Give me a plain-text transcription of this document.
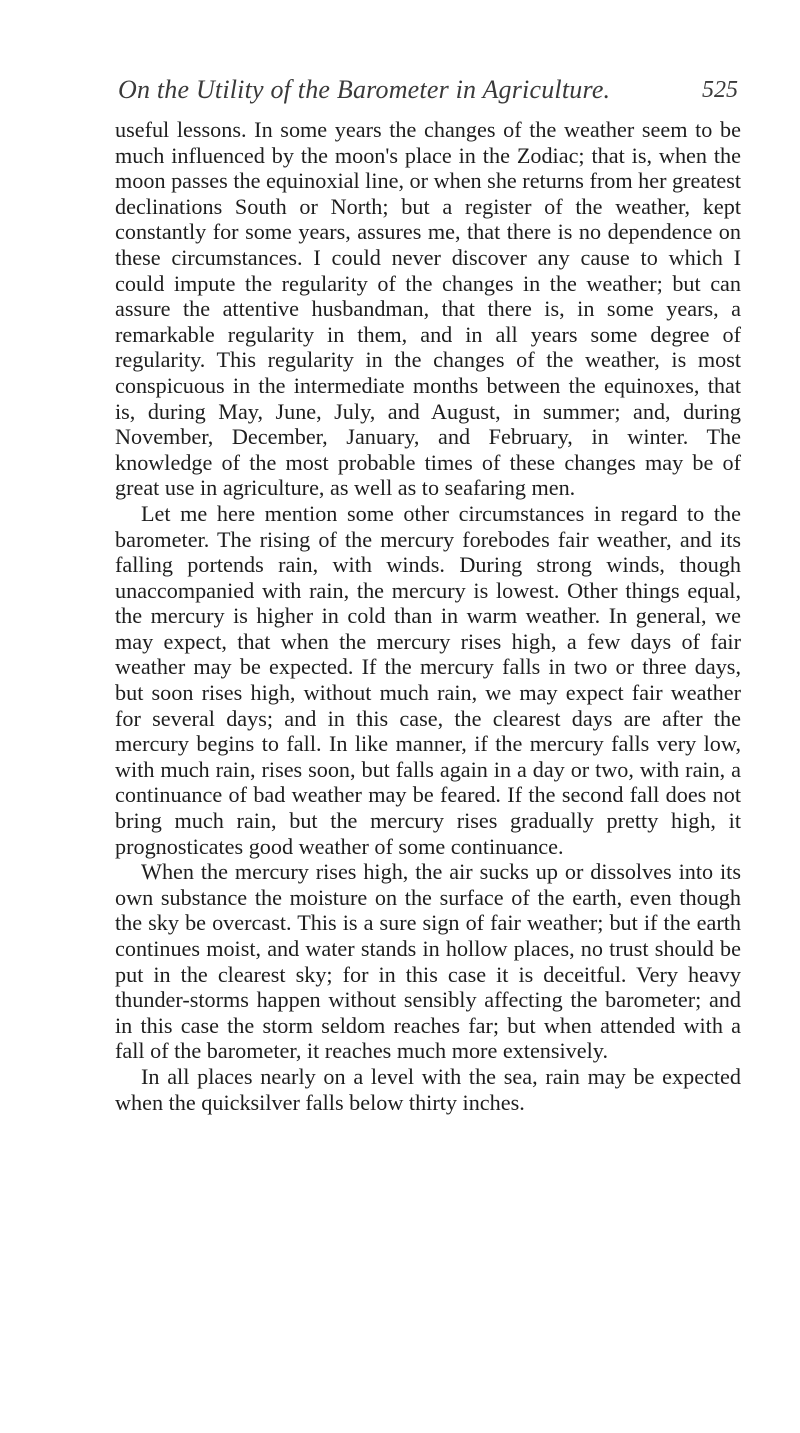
On the Utility of the Barometer in Agriculture.	525

useful lessons. In some years the changes of the weather seem to be much influenced by the moon's place in the Zodiac; that is, when the moon passes the equinoxial line, or when she returns from her greatest declinations South or North; but a register of the weather, kept constantly for some years, assures me, that there is no dependence on these circumstances. I could never discover any cause to which I could impute the regularity of the changes in the weather; but can assure the attentive husbandman, that there is, in some years, a remarkable regularity in them, and in all years some degree of regularity. This regularity in the changes of the weather, is most conspicuous in the intermediate months between the equinoxes, that is, during May, June, July, and August, in summer; and, during November, December, January, and February, in winter. The knowledge of the most probable times of these changes may be of great use in agriculture, as well as to seafaring men.

Let me here mention some other circumstances in regard to the barometer. The rising of the mercury forebodes fair weather, and its falling portends rain, with winds. During strong winds, though unaccompanied with rain, the mercury is lowest. Other things equal, the mercury is higher in cold than in warm weather. In general, we may expect, that when the mercury rises high, a few days of fair weather may be expected. If the mercury falls in two or three days, but soon rises high, without much rain, we may expect fair weather for several days; and in this case, the clearest days are after the mercury begins to fall. In like manner, if the mercury falls very low, with much rain, rises soon, but falls again in a day or two, with rain, a continuance of bad weather may be feared. If the second fall does not bring much rain, but the mercury rises gradually pretty high, it prognosticates good weather of some continuance.

When the mercury rises high, the air sucks up or dissolves into its own substance the moisture on the surface of the earth, even though the sky be overcast. This is a sure sign of fair weather; but if the earth continues moist, and water stands in hollow places, no trust should be put in the clearest sky; for in this case it is deceitful. Very heavy thunder-storms happen without sensibly affecting the barometer; and in this case the storm seldom reaches far; but when attended with a fall of the barometer, it reaches much more extensively.

In all places nearly on a level with the sea, rain may be expected when the quicksilver falls below thirty inches.
